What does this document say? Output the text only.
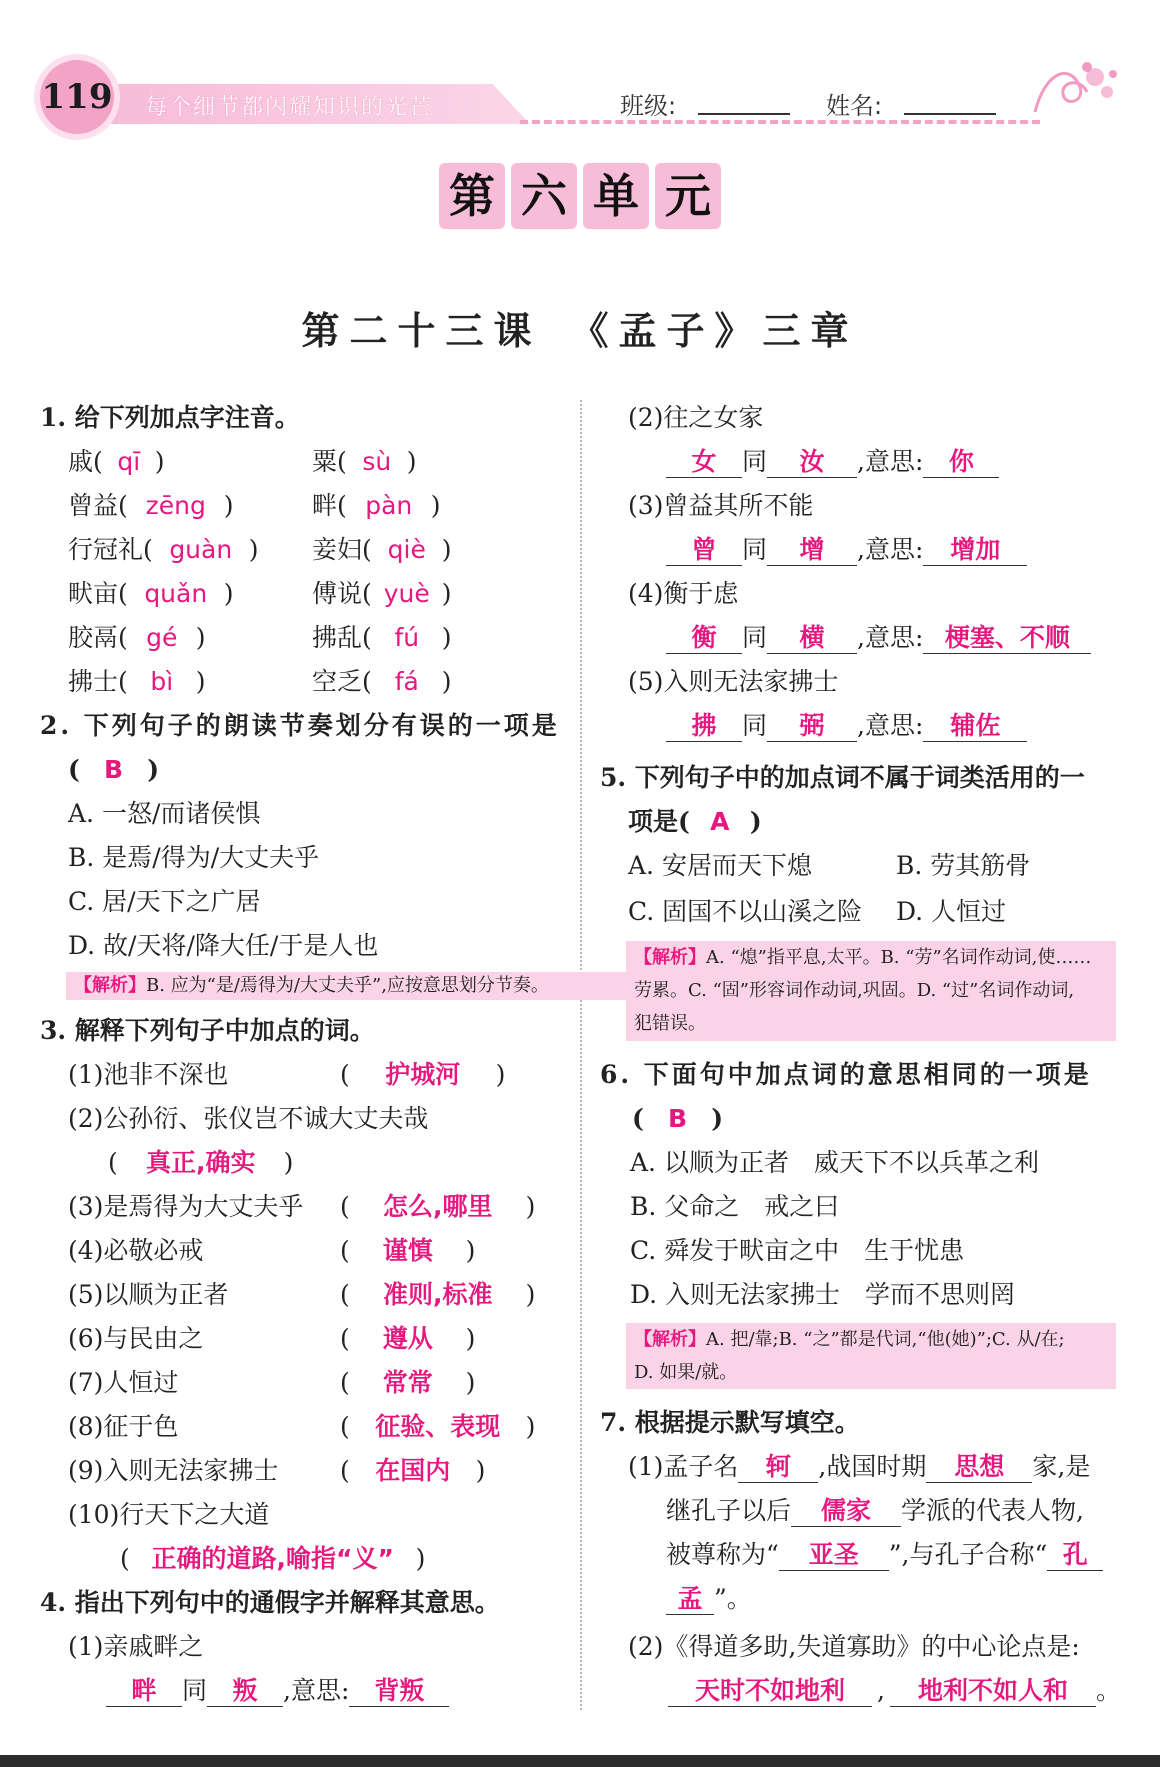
119 每个细节都闪耀知识的光芒	班级:	姓名:
第 六 单 元
第二十三课　《孟子》三章
1. 给下列加点字注音。
戚( qī )	粟( sù )
曾益( zēng )	畔( pàn )
行冠礼( guàn ) 妾妇( qiè )
畎亩( quǎn )	傅说( yuè )
胶鬲( gé )	拂乱( fú )
拂士( bì )	空乏( fá )
2. 下列句子的朗读节奏划分有误的一项是
( B )
A. 一怒/而诸侯惧
B. 是焉/得为/大丈夫乎
C. 居/天下之广居
D. 故/天将/降大任/于是人也
【解析】B. 应为“是/焉得为/大丈夫乎”,应按意思划分节奏。
3. 解释下列句子中加点的词。
(1)池非不深也	( 护城河 )
(2)公孙衍、张仪岂不诚大丈夫哉
( 真正,确实 )
(3)是焉得为大丈夫乎 ( 怎么,哪里 )
(4)必敬必戒	( 谨慎 )
(5)以顺为正者	( 准则,标准 )
(6)与民由之	( 遵从 )
(7)人恒过	( 常常 )
(8)征于色	( 征验、表现 )
(9)入则无法家拂士 ( 在国内 )
(10)行天下之大道
( 正确的道路,喻指“义” )
4. 指出下列句中的通假字并解释其意思。
(1)亲戚畔之
畔 同 叛 ,意思: 背叛
(2)往之女家
女 同 汝 ,意思: 你
(3)曾益其所不能
曾 同 增 ,意思: 增加
(4)衡于虑
衡 同 横 ,意思: 梗塞、不顺
(5)入则无法家拂士
拂 同 弼 ,意思: 辅佐
5. 下列句子中的加点词不属于词类活用的一
项是( A )
A. 安居而天下熄	B. 劳其筋骨
C. 固国不以山溪之险 D. 人恒过
【解析】A. “熄”指平息,太平。B. “劳”名词作动词,使……
劳累。C. “固”形容词作动词,巩固。D. “过”名词作动词,
犯错误。
6. 下面句中加点词的意思相同的一项是
( B )
A. 以顺为正者　威天下不以兵革之利
B. 父命之　戒之曰
C. 舜发于畎亩之中　生于忧患
D. 入则无法家拂士　学而不思则罔
【解析】A. 把/靠;B. “之”都是代词,“他(她)”;C. 从/在;
D. 如果/就。
7. 根据提示默写填空。
(1)孟子名 轲 ,战国时期 思想 家,是
继孔子以后 儒家 学派的代表人物,
被尊称为“ 亚圣 ”,与孔子合称“ 孔
孟 ”。
(2)《得道多助,失道寡助》的中心论点是:
天时不如地利 , 地利不如人和 。
